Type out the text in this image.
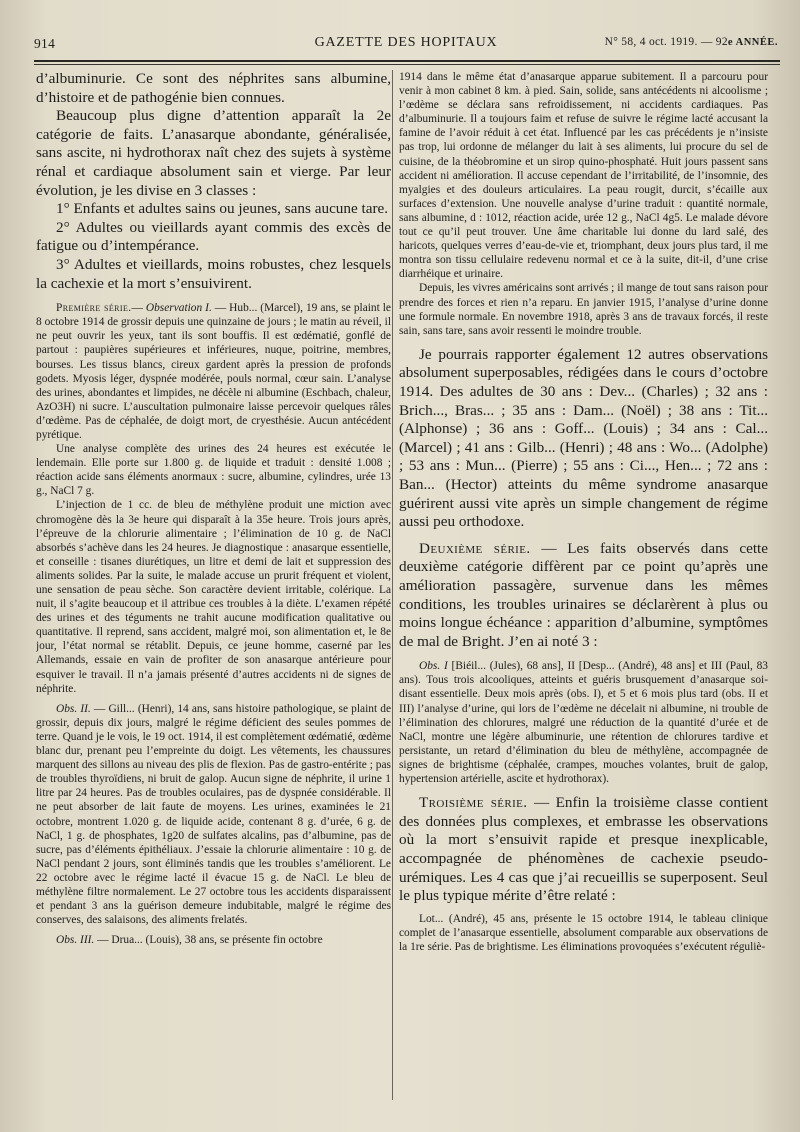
914	GAZETTE DES HOPITAUX	N° 58, 4 oct. 1919. — 92e ANNÉE.

d’albuminurie. Ce sont des néphrites sans albumine, d’histoire et de pathogénie bien connues.

Beaucoup plus digne d’attention apparaît la 2e catégorie de faits. L’anasarque abondante, généralisée, sans ascite, ni hydrothorax naît chez des sujets à système rénal et cardiaque absolument sain et vierge. Par leur évolution, je les divise en 3 classes :

1° Enfants et adultes sains ou jeunes, sans aucune tare.

2° Adultes ou vieillards ayant commis des excès de fatigue ou d’intempérance.

3° Adultes et vieillards, moins robustes, chez lesquels la cachexie et la mort s’ensuivirent.

Première série.— Observation I. — Hub... (Marcel), 19 ans, se plaint le 8 octobre 1914 de grossir depuis une quinzaine de jours ; le matin au réveil, il ne peut ouvrir les yeux, tant ils sont bouffis. Il est œdématié, gonflé de partout : paupières supérieures et inférieures, nuque, poitrine, membres, bourses. Les tissus blancs, cireux gardent après la pression de profonds godets. Myosis léger, dyspnée modérée, pouls normal, cœur sain. L’analyse des urines, abondantes et limpides, ne décèle ni albumine (Eschbach, chaleur, AzO3H) ni sucre. L’auscultation pulmonaire laisse percevoir quelques râles d’œdème. Pas de céphalée, de doigt mort, de cryesthésie. Aucun antécédent pyrétique.

Une analyse complète des urines des 24 heures est exécutée le lendemain. Elle porte sur 1.800 g. de liquide et traduit : densité 1.008 ; réaction acide sans éléments anormaux : sucre, albumine, cylindres, urée 13 g., NaCl 7 g.

L’injection de 1 cc. de bleu de méthylène produit une miction avec chromogène dès la 3e heure qui disparaît à la 35e heure. Trois jours après, l’épreuve de la chlorurie alimentaire ; l’élimination de 10 g. de NaCl absorbés s’achève dans les 24 heures. Je diagnostique : anasarque essentielle, et conseille : tisanes diurétiques, un litre et demi de lait et suppression des aliments solides. Par la suite, le malade accuse un prurit fréquent et violent, une sensation de peau sèche. Son caractère devient irritable, colérique. La nuit, il s’agite beaucoup et il attribue ces troubles à la diète. L’examen répété des urines et des téguments ne trahit aucune modification qualitative ou quantitative. Il reprend, sans accident, malgré moi, son alimentation et, le 8e jour, l’état normal se rétablit. Depuis, ce jeune homme, caserné par les Allemands, essaie en vain de profiter de son anasarque antérieure pour esquiver le travail. Il n’a jamais présenté d’autres accidents ni de signes de néphrite.

Obs. II. — Gill... (Henri), 14 ans, sans histoire pathologique, se plaint de grossir, depuis dix jours, malgré le régime déficient des seules pommes de terre. Quand je le vois, le 19 oct. 1914, il est complètement œdématié, œdème blanc dur, prenant peu l’empreinte du doigt. Les vêtements, les chaussures marquent des sillons au niveau des plis de flexion. Pas de gastro-entérite ; pas de troubles thyroïdiens, ni bruit de galop. Aucun signe de néphrite, il urine 1 litre par 24 heures. Pas de troubles oculaires, pas de dyspnée considérable. Il ne peut absorber de lait faute de moyens. Les urines, examinées le 21 octobre, montrent 1.020 g. de liquide acide, contenant 8 g. d’urée, 6 g. de NaCl, 1 g. de phosphates, 1g20 de sulfates alcalins, pas d’albumine, pas de sucre, pas d’éléments épithéliaux. J’essaie la chlorurie alimentaire : 10 g. de NaCl pendant 2 jours, sont éliminés tandis que les troubles s’améliorent. Le 22 octobre avec le régime lacté il évacue 15 g. de NaCl. Le bleu de méthylène filtre normalement. Le 27 octobre tous les accidents disparaissent et pendant 3 ans la guérison demeure indubitable, malgré le régime des conserves, des salaisons, des aliments frelatés.

Obs. III. — Drua... (Louis), 38 ans, se présente fin octobre

1914 dans le même état d’anasarque apparue subitement. Il a parcouru pour venir à mon cabinet 8 km. à pied. Sain, solide, sans antécédents ni alcoolisme ; l’œdème se déclara sans refroidissement, ni accidents cardiaques. Pas d’albuminurie. Il a toujours faim et refuse de suivre le régime lacté accusant la famine de l’avoir réduit à cet état. Influencé par les cas précédents je n’insiste pas trop, lui ordonne de mélanger du lait à ses aliments, lui procure du sel de cuisine, de la théobromine et un sirop quino-phosphaté. Huit jours passent sans accident ni amélioration. Il accuse cependant de l’irritabilité, de l’insomnie, des myalgies et des douleurs articulaires. La peau rougit, durcit, s’écaille aux surfaces d’extension. Une nouvelle analyse d’urine traduit : quantité normale, sans albumine, d : 1012, réaction acide, urée 12 g., NaCl 4g5. Le malade dévore tout ce qu’il peut trouver. Une âme charitable lui donne du lard salé, des haricots, quelques verres d’eau-de-vie et, triomphant, deux jours plus tard, il me montra son tissu cellulaire redevenu normal et ce à la suite, dit-il, d’une crise diarrhéique et urinaire.

Depuis, les vivres américains sont arrivés ; il mange de tout sans raison pour prendre des forces et rien n’a reparu. En janvier 1915, l’analyse d’urine donne une formule normale. En novembre 1918, après 3 ans de travaux forcés, il reste sain, sans tare, sans avoir ressenti le moindre trouble.

Je pourrais rapporter également 12 autres observations absolument superposables, rédigées dans le cours d’octobre 1914. Des adultes de 30 ans : Dev... (Charles) ; 32 ans : Brich..., Bras... ; 35 ans : Dam... (Noël) ; 38 ans : Tit... (Alphonse) ; 36 ans : Goff... (Louis) ; 34 ans : Cal... (Marcel) ; 41 ans : Gilb... (Henri) ; 48 ans : Wo... (Adolphe) ; 53 ans : Mun... (Pierre) ; 55 ans : Ci..., Hen... ; 72 ans : Ban... (Hector) atteints du même syndrome anasarque guérirent aussi vite après un simple changement de régime aussi peu orthodoxe.

Deuxième série. — Les faits observés dans cette deuxième catégorie diffèrent par ce point qu’après une amélioration passagère, survenue dans les mêmes conditions, les troubles urinaires se déclarèrent à plus ou moins longue échéance : apparition d’albumine, symptômes de mal de Bright. J’en ai noté 3 :

Obs. I [Biéil... (Jules), 68 ans], II [Desp... (André), 48 ans] et III (Paul, 83 ans). Tous trois alcooliques, atteints et guéris brusquement d’anasarque soi-disant essentielle. Deux mois après (obs. I), et 5 et 6 mois plus tard (obs. II et III) l’analyse d’urine, qui lors de l’œdème ne décelait ni albumine, ni trouble de l’élimination des chlorures, malgré une réduction de la quantité d’urée et de NaCl, montre une légère albuminurie, une rétention de chlorures tardive et persistante, un retard d’élimination du bleu de méthylène, accompagnée de signes de brightisme (céphalée, crampes, mouches volantes, bruit de galop, hypertension artérielle, ascite et hydrothorax).

Troisième série. — Enfin la troisième classe contient des données plus complexes, et embrasse les observations où la mort s’ensuivit rapide et presque inexplicable, accompagnée de phénomènes de cachexie pseudo-urémiques. Les 4 cas que j’ai recueillis se superposent. Seul le plus typique mérite d’être relaté :

Lot... (André), 45 ans, présente le 15 octobre 1914, le tableau clinique complet de l’anasarque essentielle, absolument comparable aux observations de la 1re série. Pas de brightisme. Les éliminations provoquées s’exécutent réguliè-
